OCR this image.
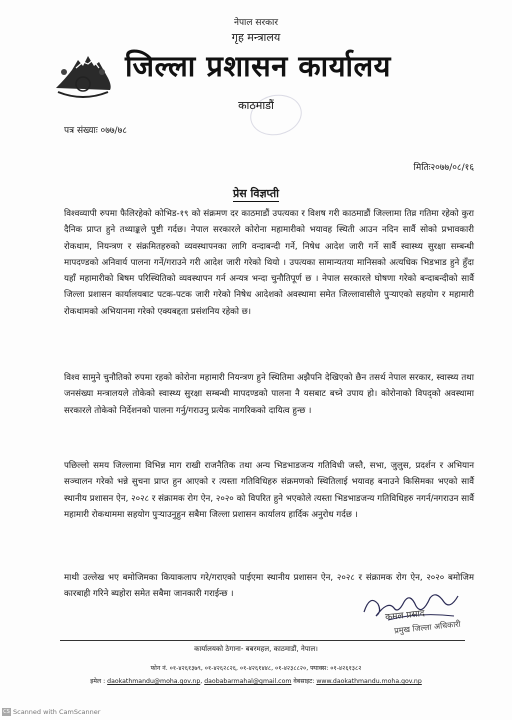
नेपाल सरकार
गृह मन्त्रालय
जिल्ला प्रशासन कार्यालय
काठमाडौं
पत्र संख्याः ०७७/७८
मितिः२०७७/०८/१६
प्रेस विज्ञप्ती
विश्वव्यापी रुपमा फैलिरहेको कोभिड-१९ को संक्रमण दर काठमाडौं उपत्यका र विशष गरी काठमाडौं जिल्लामा तिव्र गतिमा रहेको कुरा दैनिक प्राप्त हुने तथ्याङ्कले पुष्टी गर्दछ। नेपाल सरकारले कोरोना महामारीको भयावह स्थिती आउन नदिन सार्वै सोको प्रभावकारी रोकथाम, नियन्त्रण र संक्रमितहरुको व्यवस्थापनका लागि वन्दाबन्दी गर्ने, निषेध आदेश जारी गर्ने सार्वै स्वास्थ्य सुरक्षा सम्बन्धी मापदण्डको अनिवार्य पालना गर्ने/गराउने गरी आदेश जारी गरेको थियो । उपत्यका सामान्यतया मानिसको अत्यधिक भिडभाड हुने हुँदा यहाँ महामारीको बिषम परिस्थितिको व्यवस्थापन गर्न अन्यत्र भन्दा चुनौतिपूर्ण छ । नेपाल सरकारले घोषणा गरेको बन्दाबन्दीको सार्वै जिल्ला प्रशासन कार्यालयबाट पटक-पटक जारी गरेको निषेध आदेशको अवस्थामा समेत जिल्लावासीले पुऱ्याएको सहयोग र महामारी रोकथामको अभियानमा गरेको एक्यबद्दता प्रसंशनिय रहेको छ।
विश्व सामुने चुनौतिको रुपमा रहको कोरोना महामारी नियन्त्रण हुने स्थितिमा अझैपनि देखिएको छैन तसर्थ नेपाल सरकार, स्वास्थ्य तथा जनसंख्या मन्त्रालयले तोकेको स्वास्थ्य सुरक्षा सम्बन्धी मापदण्डको पालना नै यसबाट बच्ने उपाय हो। कोरोनाको विपद्को अवस्थामा सरकारले तोकेको निर्देशनको पालना गर्नु/गराउनु प्रत्येक नागरिकको दायित्व हुन्छ ।
पछिल्लो समय जिल्लामा विभिन्न माग राखी राजनैतिक तथा अन्य भिडभाडजन्य गतिविधी जस्तै, सभा, जुलुस, प्रदर्शन र अभियान सञ्चालन गरेको भन्ने सुचना प्राप्त हुन आएको र त्यस्ता गतिविधिहरु संक्रमणको स्थितिलाई भयावह बनाउने किसिमका भएको सार्वै स्थानीय प्रशासन ऐन, २०२८ र संक्रामक रोग ऐन, २०२० को विपरित हुने भएकोले त्यस्ता भिडभाडजन्य गतिविधिहरु नगर्न/नगराउन सार्वै महामारी रोकथाममा सहयोग पुऱ्याउनुहुन सबैमा जिल्ला प्रशासन कार्यालय हार्दिक अनुरोध गर्दछ ।
माथी उल्लेख भए बमोजिमका कियाकलाप गरे/गराएको पाईएमा स्थानीय प्रशासन ऐन, २०२८ र संक्रामक रोग ऐन, २०२० बमोजिम कारबाही गरिने ब्यहोरा समेत सबैमा जानकारी गराईन्छ ।
कमल प्रसाद
प्रमुख जिल्ला अधिकारी
कार्यालयको ठेगाना- बबरमहल, काठमाडौं, नेपाल।
फोन नं. ०१-४२६१३७९, ०१-४२६२८२६, ०१-४२६१४४८, ०१-४२३८८२०, फ्याक्स: ०१-४२६१३८२
इमेल : daokathmandu@moha.gov.np, daobabarmahal@gmail.com वेबसाइट: www.daokathmandu.moha.gov.np
CS Scanned with CamScanner
